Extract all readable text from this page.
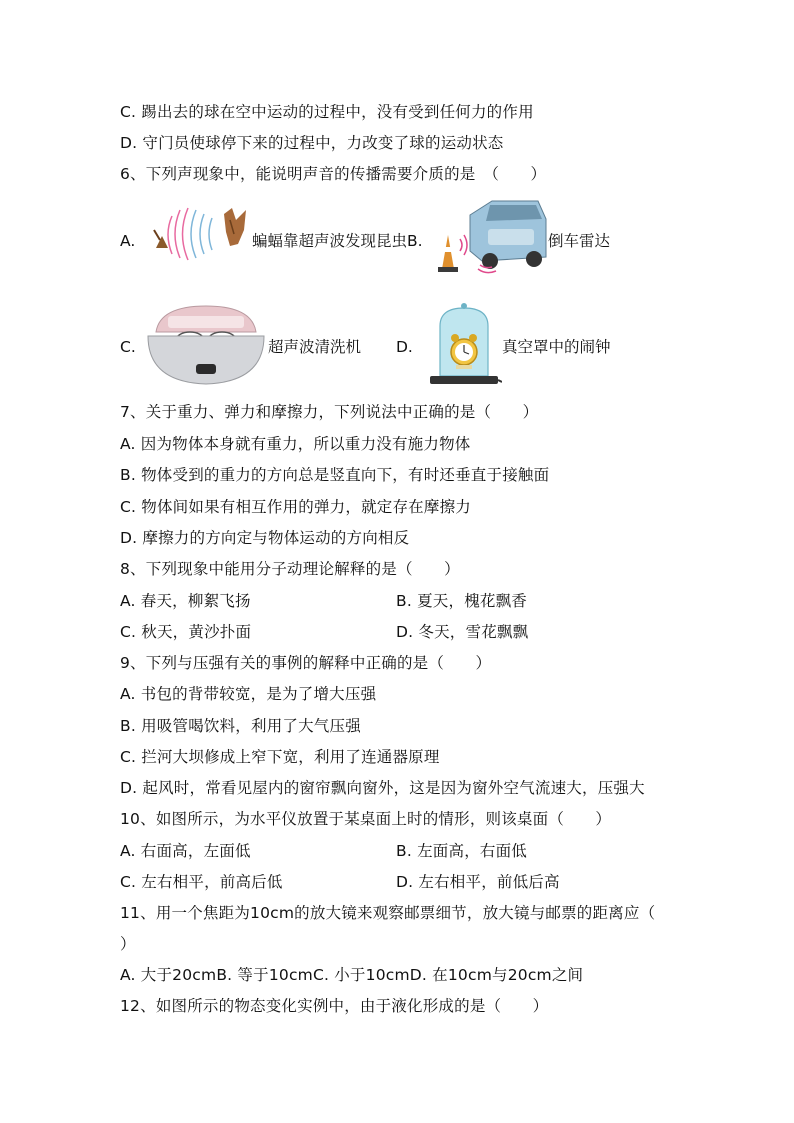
C. 踢出去的球在空中运动的过程中，没有受到任何力的作用
D. 守门员使球停下来的过程中，力改变了球的运动状态
6、下列声现象中，能说明声音的传播需要介质的是　（　　）
A.	蝙蝠靠超声波发现昆虫B.	倒车雷达
C.	超声波清洗机 D.	真空罩中的闹钟
7、关于重力、弹力和摩擦力，下列说法中正确的是（　　）
A. 因为物体本身就有重力，所以重力没有施力物体
B. 物体受到的重力的方向总是竖直向下，有时还垂直于接触面
C. 物体间如果有相互作用的弹力，就定存在摩擦力
D. 摩擦力的方向定与物体运动的方向相反
8、下列现象中能用分子动理论解释的是（　　）
A. 春天，柳絮飞扬	B. 夏天，槐花飘香
C. 秋天，黄沙扑面	D. 冬天，雪花飘飘
9、下列与压强有关的事例的解释中正确的是（　　）
A. 书包的背带较宽，是为了增大压强
B. 用吸管喝饮料，利用了大气压强
C. 拦河大坝修成上窄下宽，利用了连通器原理
D. 起风时，常看见屋内的窗帘飘向窗外，这是因为窗外空气流速大，压强大
10、如图所示，为水平仪放置于某桌面上时的情形，则该桌面（　　）
A. 右面高，左面低	B. 左面高，右面低
C. 左右相平，前高后低	D. 左右相平，前低后高
11、用一个焦距为10cm的放大镜来观察邮票细节，放大镜与邮票的距离应（
）
A. 大于20cmB. 等于10cmC. 小于10cmD. 在10cm与20cm之间
12、如图所示的物态变化实例中，由于液化形成的是（　　）
